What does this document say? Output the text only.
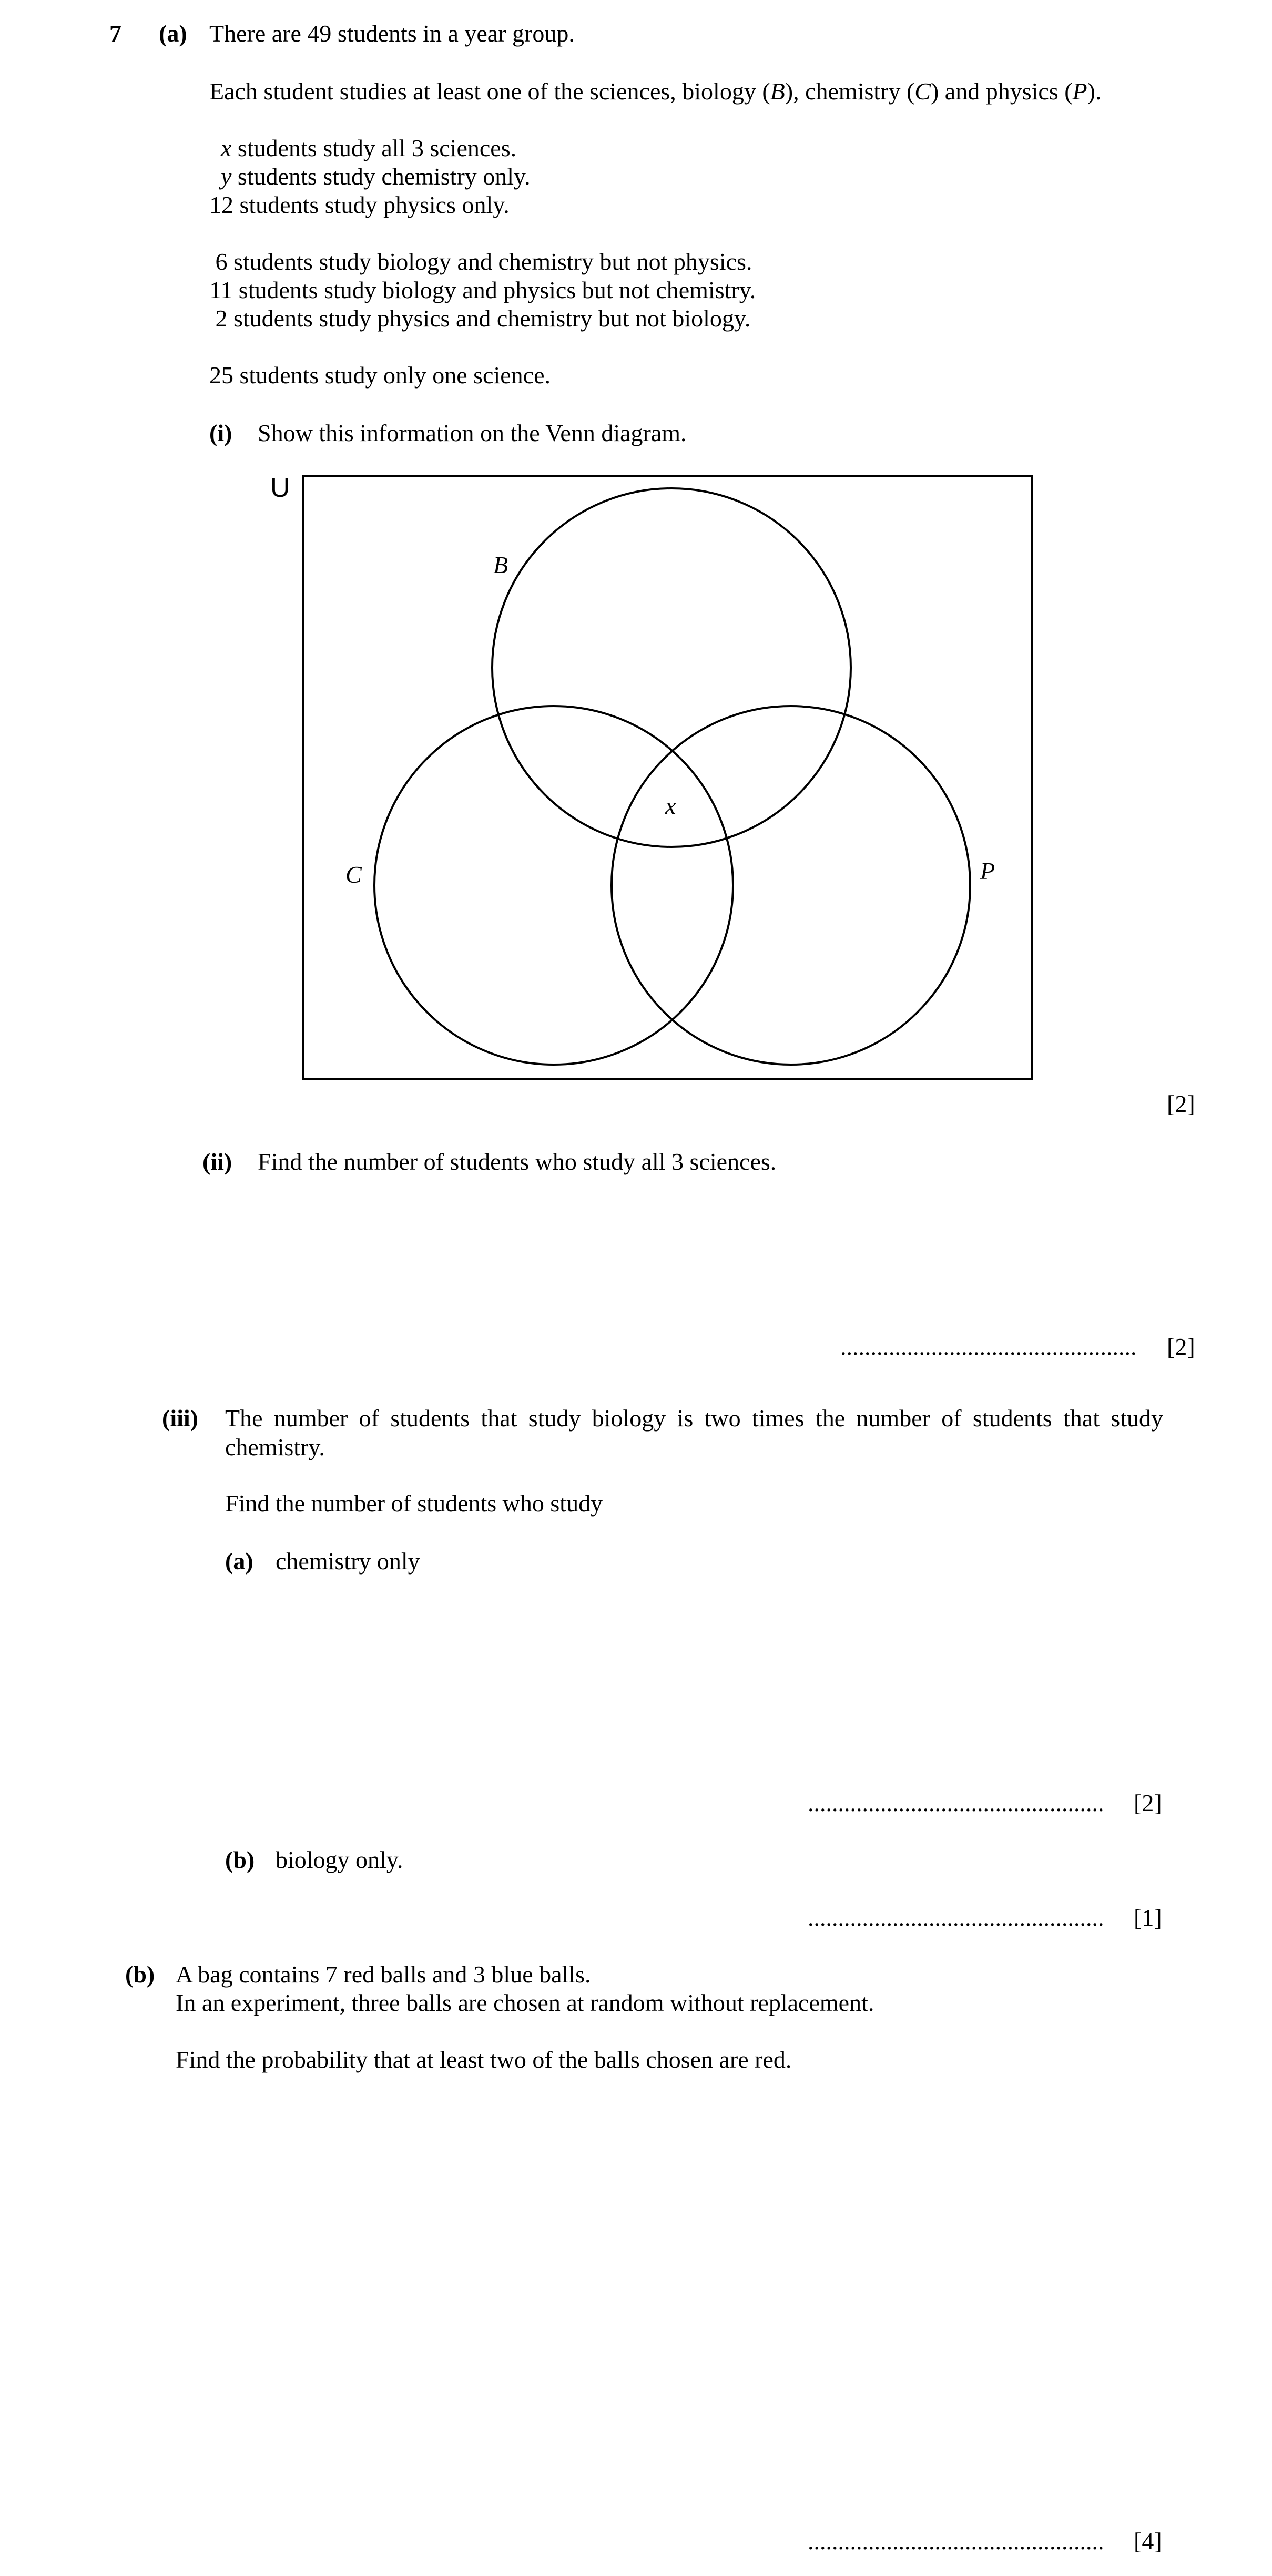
7 (a) There are 49 students in a year group.
Each student studies at least one of the sciences, biology (B), chemistry (C) and physics (P).
x students study all 3 sciences.
y students study chemistry only.
12 students study physics only.
6 students study biology and chemistry but not physics.
11 students study biology and physics but not chemistry.
2 students study physics and chemistry but not biology.
25 students study only one science.
(i) Show this information on the Venn diagram.
U
B
C	P
x
[2]
(ii) Find the number of students who study all 3 sciences.
................................................. [2]
(iii) The number of students that study biology is two times the number of students that study chemistry.
Find the number of students who study
(a) chemistry only
................................................. [2]
(b) biology only.
................................................. [1]
(b) A bag contains 7 red balls and 3 blue balls.
In an experiment, three balls are chosen at random without replacement.
Find the probability that at least two of the balls chosen are red.
................................................. [4]
